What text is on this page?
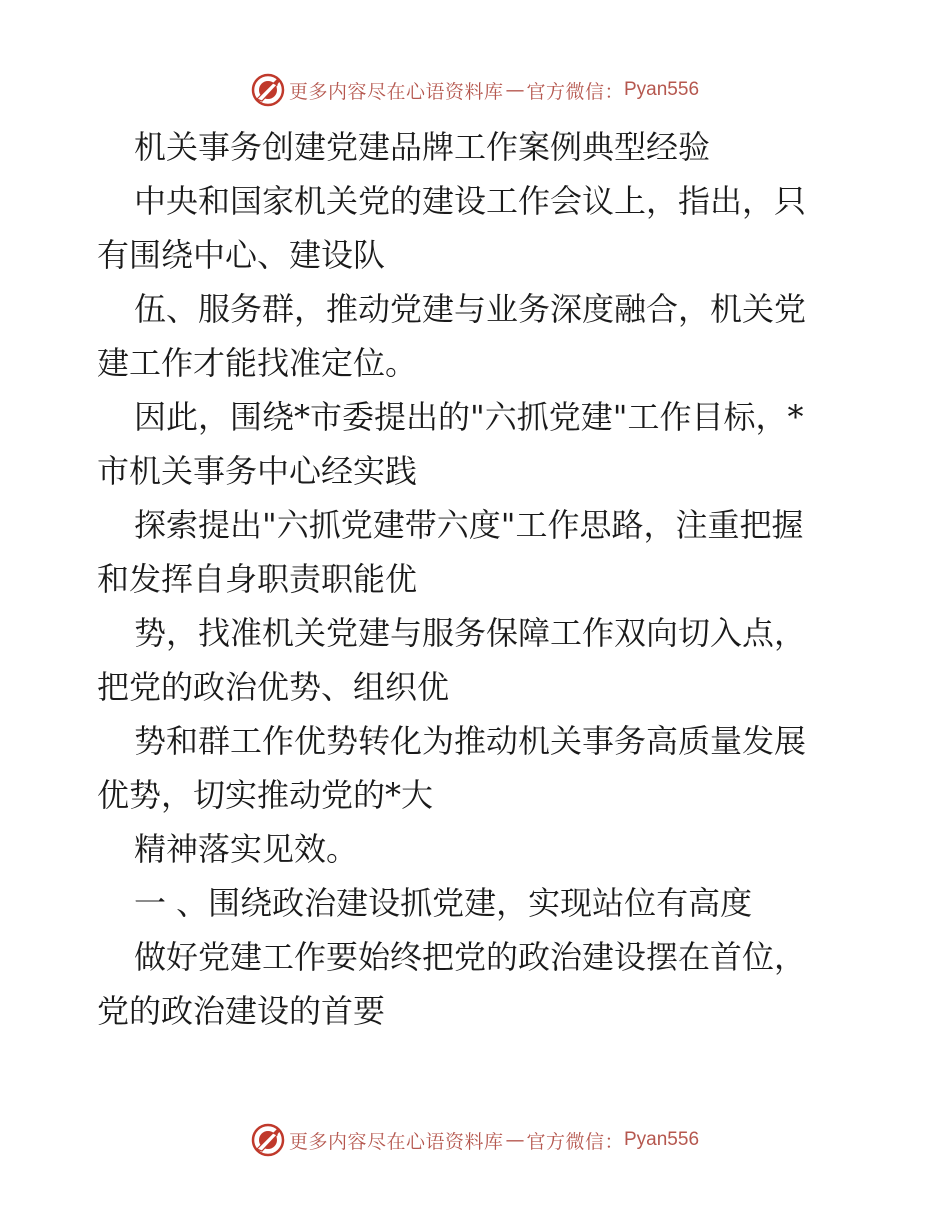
更多内容尽在心语资料库 — 官方微信： Pyan556
机关事务创建党建品牌工作案例典型经验
中央和国家机关党的建设工作会议上，指出，只
有围绕中心、建设队
伍、服务群，推动党建与业务深度融合，机关党
建工作才能找准定位。
因此，围绕*市委提出的"六抓党建"工作目标，*
市机关事务中心经实践
探索提出"六抓党建带六度"工作思路，注重把握
和发挥自身职责职能优
势，找准机关党建与服务保障工作双向切入点，
把党的政治优势、组织优
势和群工作优势转化为推动机关事务高质量发展
优势，切实推动党的*大
精神落实见效。
一 、围绕政治建设抓党建，实现站位有高度
做好党建工作要始终把党的政治建设摆在首位，
党的政治建设的首要
更多内容尽在心语资料库 — 官方微信： Pyan556
